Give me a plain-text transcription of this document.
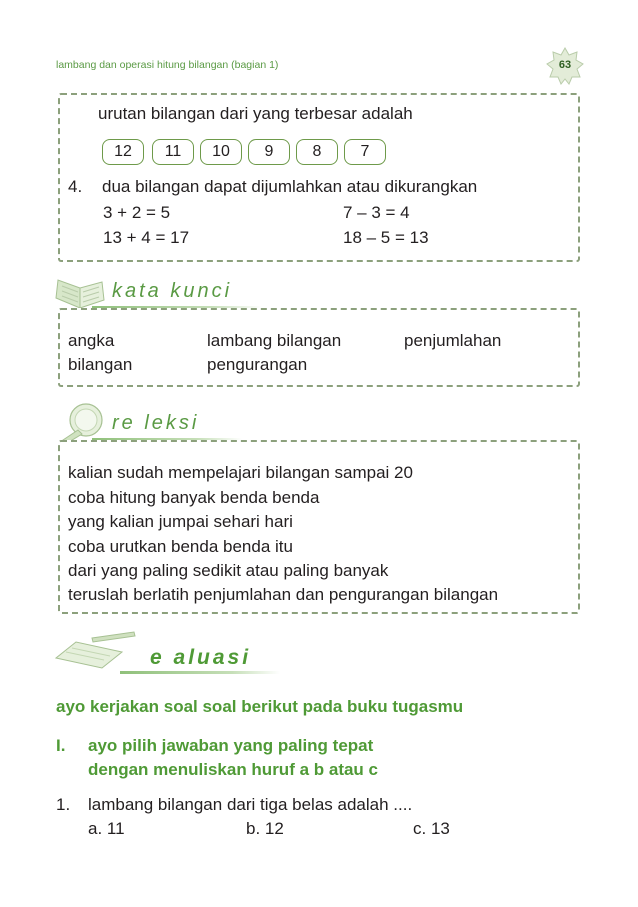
lambang dan operasi hitung bilangan (bagian 1)	63
urutan bilangan dari yang terbesar adalah
12	11	10	9	8	7
4. dua bilangan dapat dijumlahkan atau dikurangkan
3 + 2 = 5	7 – 3 = 4
13 + 4 = 17	18 – 5 = 13
kata kunci
angka	lambang bilangan	penjumlahan
bilangan	pengurangan
re leksi
kalian sudah mempelajari bilangan sampai 20
coba hitung banyak benda benda
yang kalian jumpai sehari hari
coba urutkan benda benda itu
dari yang paling sedikit atau paling banyak
teruslah berlatih penjumlahan dan pengurangan bilangan
e aluasi
ayo kerjakan soal soal berikut pada buku tugasmu
I. ayo pilih jawaban yang paling tepat
dengan menuliskan huruf a b atau c
1. lambang bilangan dari tiga belas adalah ....
a. 11	b. 12	c. 13
